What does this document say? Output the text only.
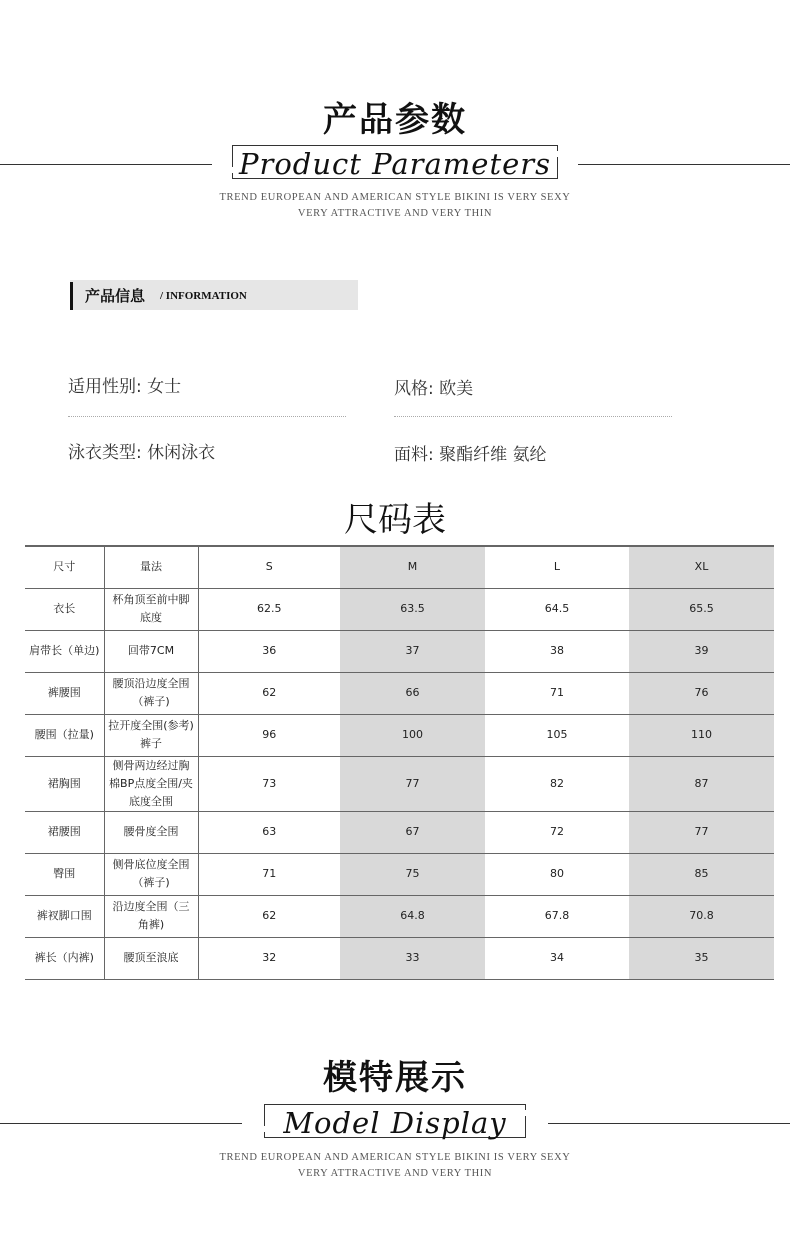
产品参数
Product Parameters
TREND EUROPEAN AND AMERICAN STYLE BIKINI IS VERY SEXY
VERY ATTRACTIVE AND VERY THIN
产品信息 / INFORMATION
适用性别: 女士	风格: 欧美
泳衣类型: 休闲泳衣	面料: 聚酯纤维 氨纶
尺码表
尺寸	量法	S	M	L	XL
衣长	杯角顶至前中脚底度	62.5	63.5	64.5	65.5
肩带长（单边)	回带7CM	36	37	38	39
裤腰围	腰顶沿边度全围（裤子)	62	66	71	76
腰围（拉量)	拉开度全围(参考)裤子	96	100	105	110
裙胸围	侧骨两边经过胸棉BP点度全围/夹底度全围	73	77	82	87
裙腰围	腰骨度全围	63	67	72	77
臀围	侧骨底位度全围（裤子)	71	75	80	85
裤衩脚口围	沿边度全围（三角裤)	62	64.8	67.8	70.8
裤长（内裤)	腰顶至浪底	32	33	34	35
模特展示
Model Display
TREND EUROPEAN AND AMERICAN STYLE BIKINI IS VERY SEXY
VERY ATTRACTIVE AND VERY THIN
